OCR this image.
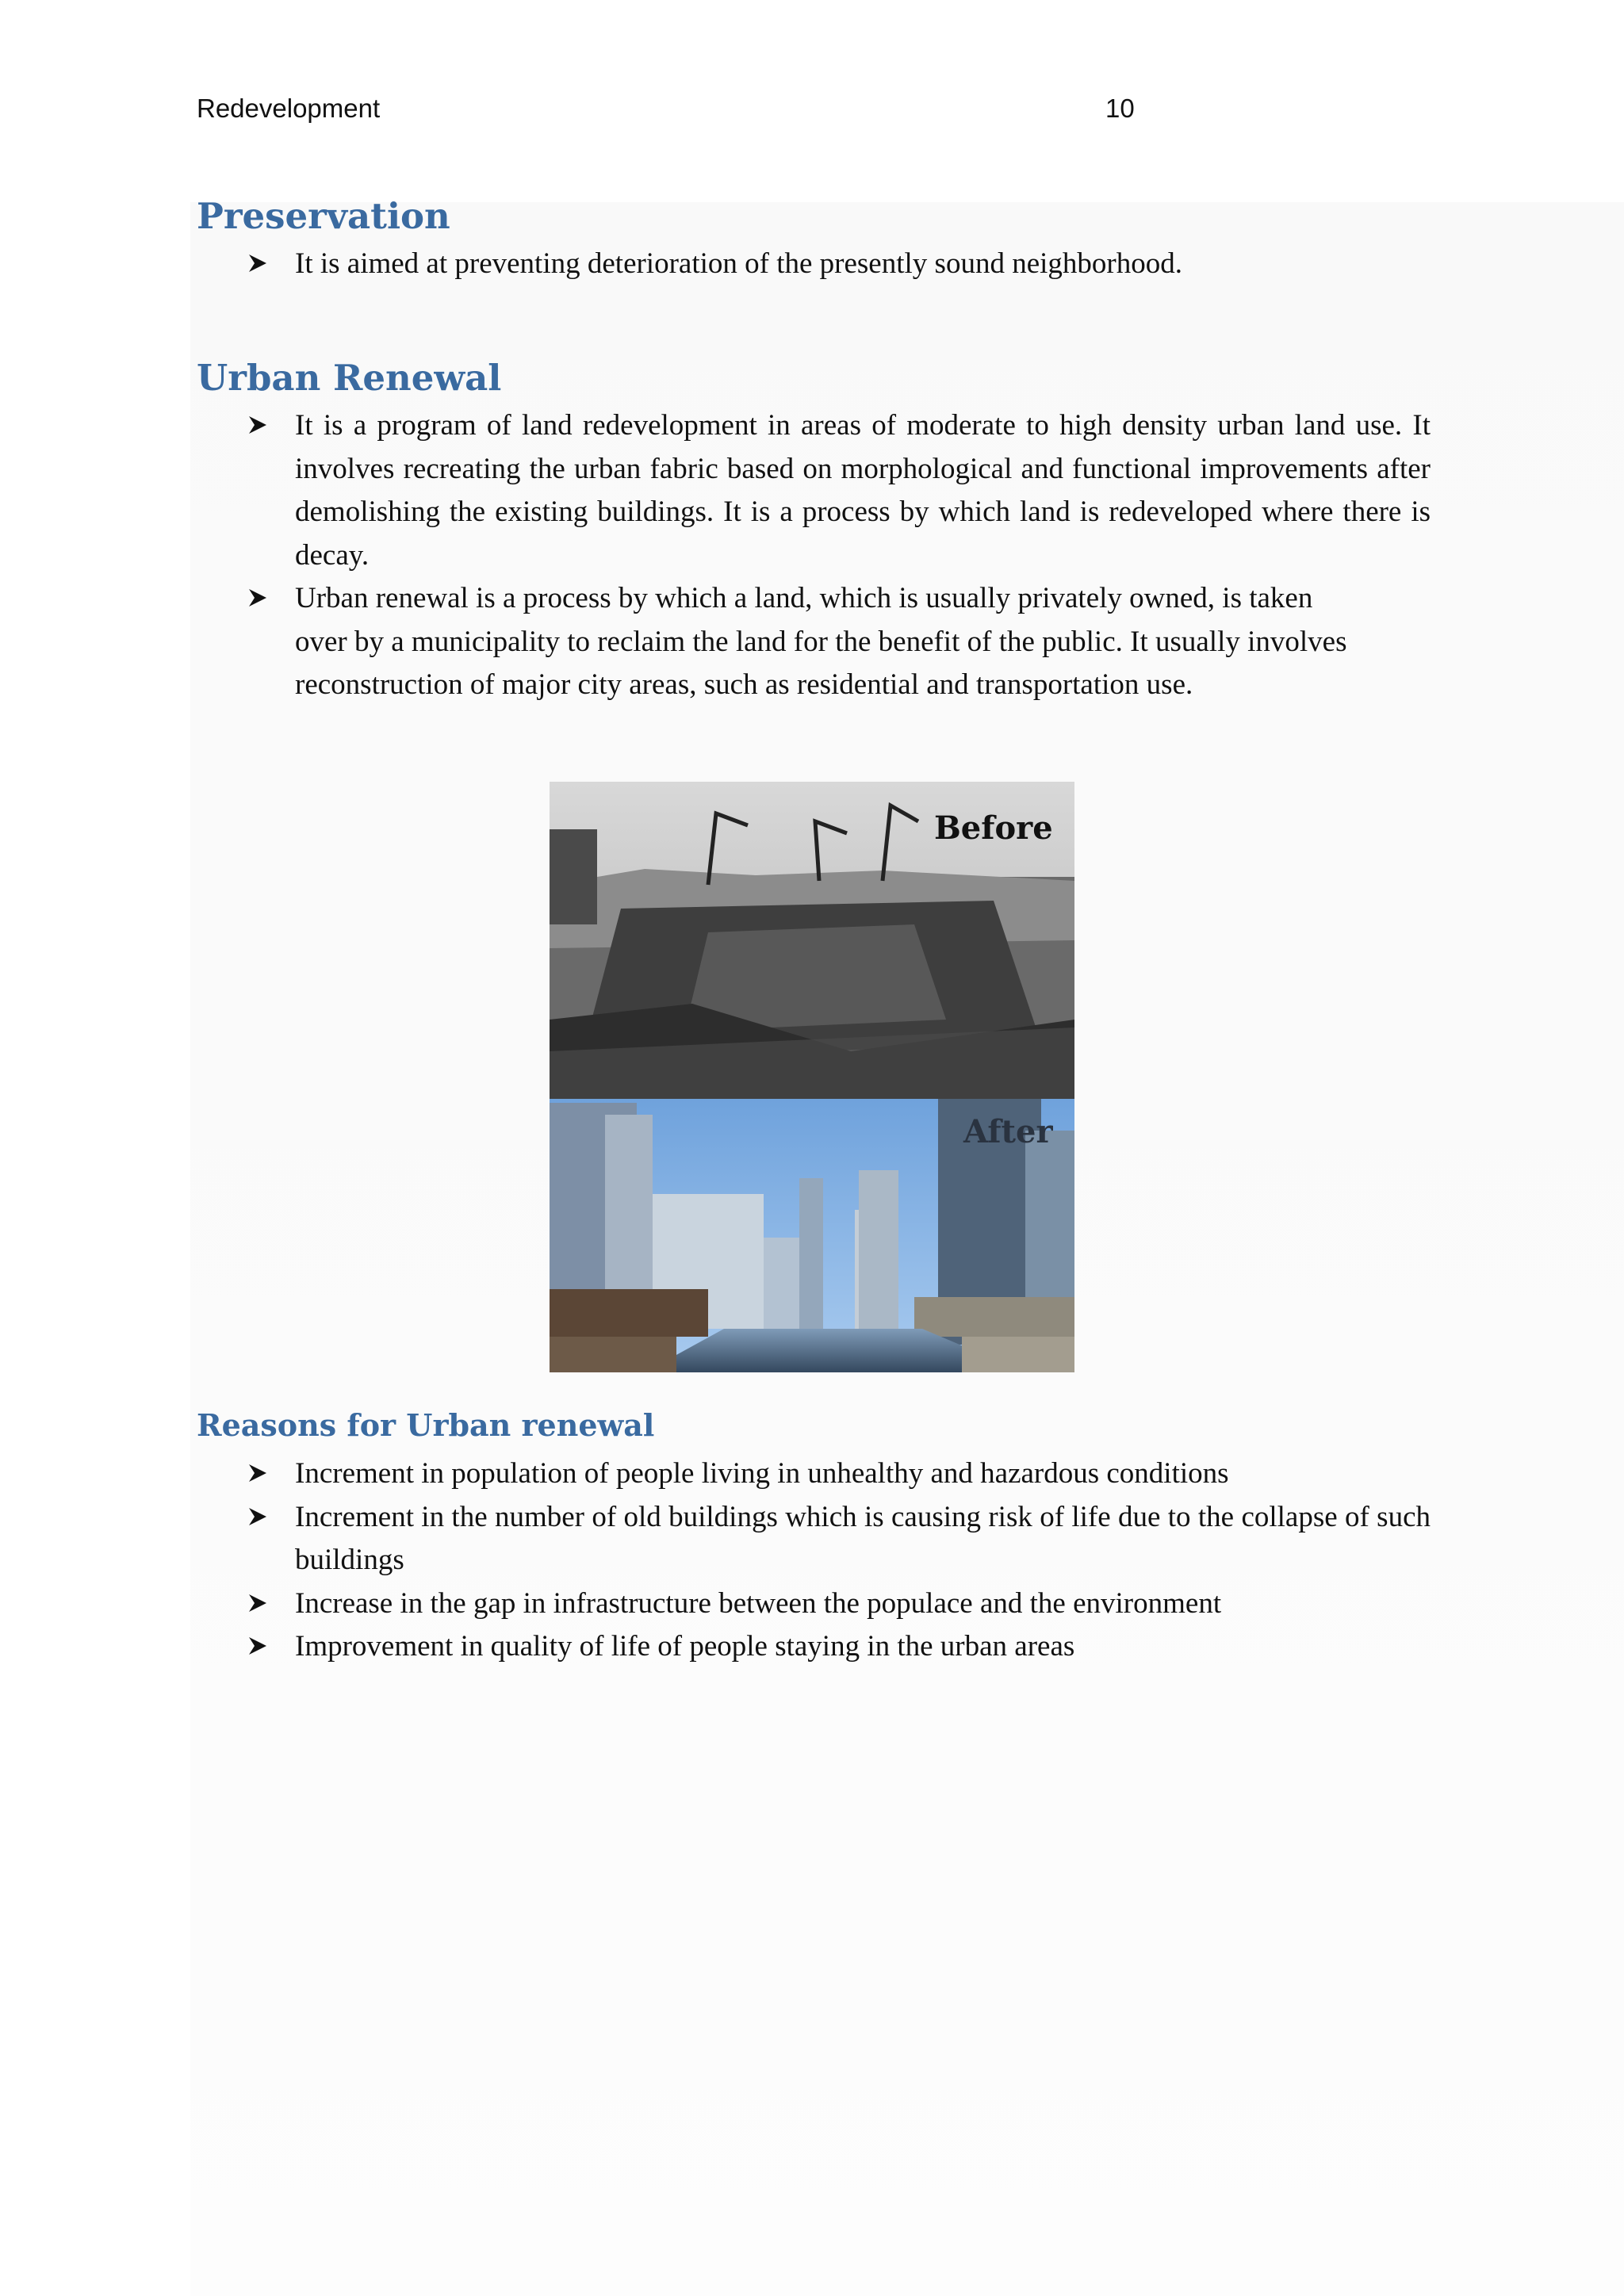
Redevelopment	10
Preservation
It is aimed at preventing deterioration of the presently sound neighborhood.
Urban Renewal
It is a program of land redevelopment in areas of moderate to high density urban land use. It involves recreating the urban fabric based on morphological and functional improvements after demolishing the existing buildings. It is a process by which land is redeveloped where there is decay.
Urban renewal is a process by which a land, which is usually privately owned, is taken over by a municipality to reclaim the land for the benefit of the public. It usually involves reconstruction of major city areas, such as residential and transportation use.
Before
After
Reasons for Urban renewal
Increment in population of people living in unhealthy and hazardous conditions
Increment in the number of old buildings which is causing risk of life due to the collapse of such buildings
Increase in the gap in infrastructure between the populace and the environment
Improvement in quality of life of people staying in the urban areas
